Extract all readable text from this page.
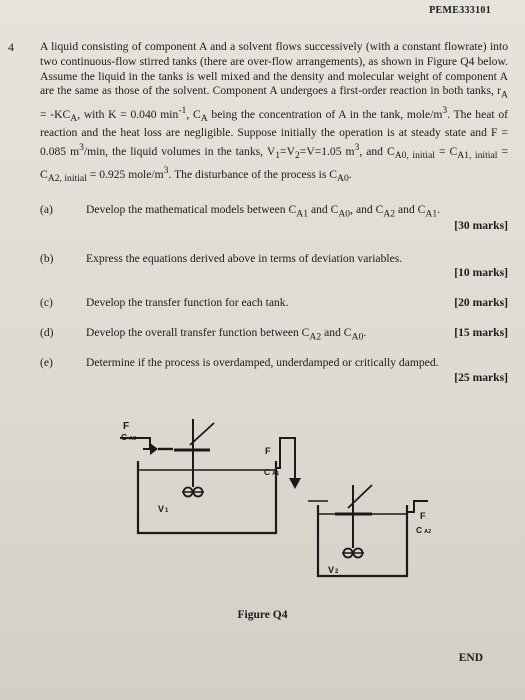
PEME333101
4 A liquid consisting of component A and a solvent flows successively (with a constant flowrate) into two continuous-flow stirred tanks (there are over-flow arrangements), as shown in Figure Q4 below. Assume the liquid in the tanks is well mixed and the density and molecular weight of component A are the same as those of the solvent. Component A undergoes a first-order reaction in both tanks, $r_A = -KC_A$, with K = 0.040 $\min^{-1}$, $C_A$ being the concentration of A in the tank, mole/$m^3$. The heat of reaction and the heat loss are negligible. Suppose initially the operation is at steady state and F = 0.085 $m^3/\min$, the liquid volumes in the tanks, $V_1=V_2=V=1.05$ $m^3$, and $C_{A0, initial} = C_{A1, initial} = C_{A2, initial} = 0.925$ mole/$m^3$. The disturbance of the process is $C_{A0}$.
(a)	Develop the mathematical models between $C_{A1}$ and $C_{A0}$, and $C_{A2}$ and $C_{A1}$.
[30 marks]
(b)	Express the equations derived above in terms of deviation variables.
[10 marks]
(c)	Develop the transfer function for each tank.	[20 marks]
(d)	Develop the overall transfer function between $C_{A2}$ and $C_{A0}$.	[15 marks]
(e)	Determine if the process is overdamped, underdamped or critically damped.
[25 marks]
F
C A0
F
C A1
V1	F
C A2
V2
Figure Q4
END
